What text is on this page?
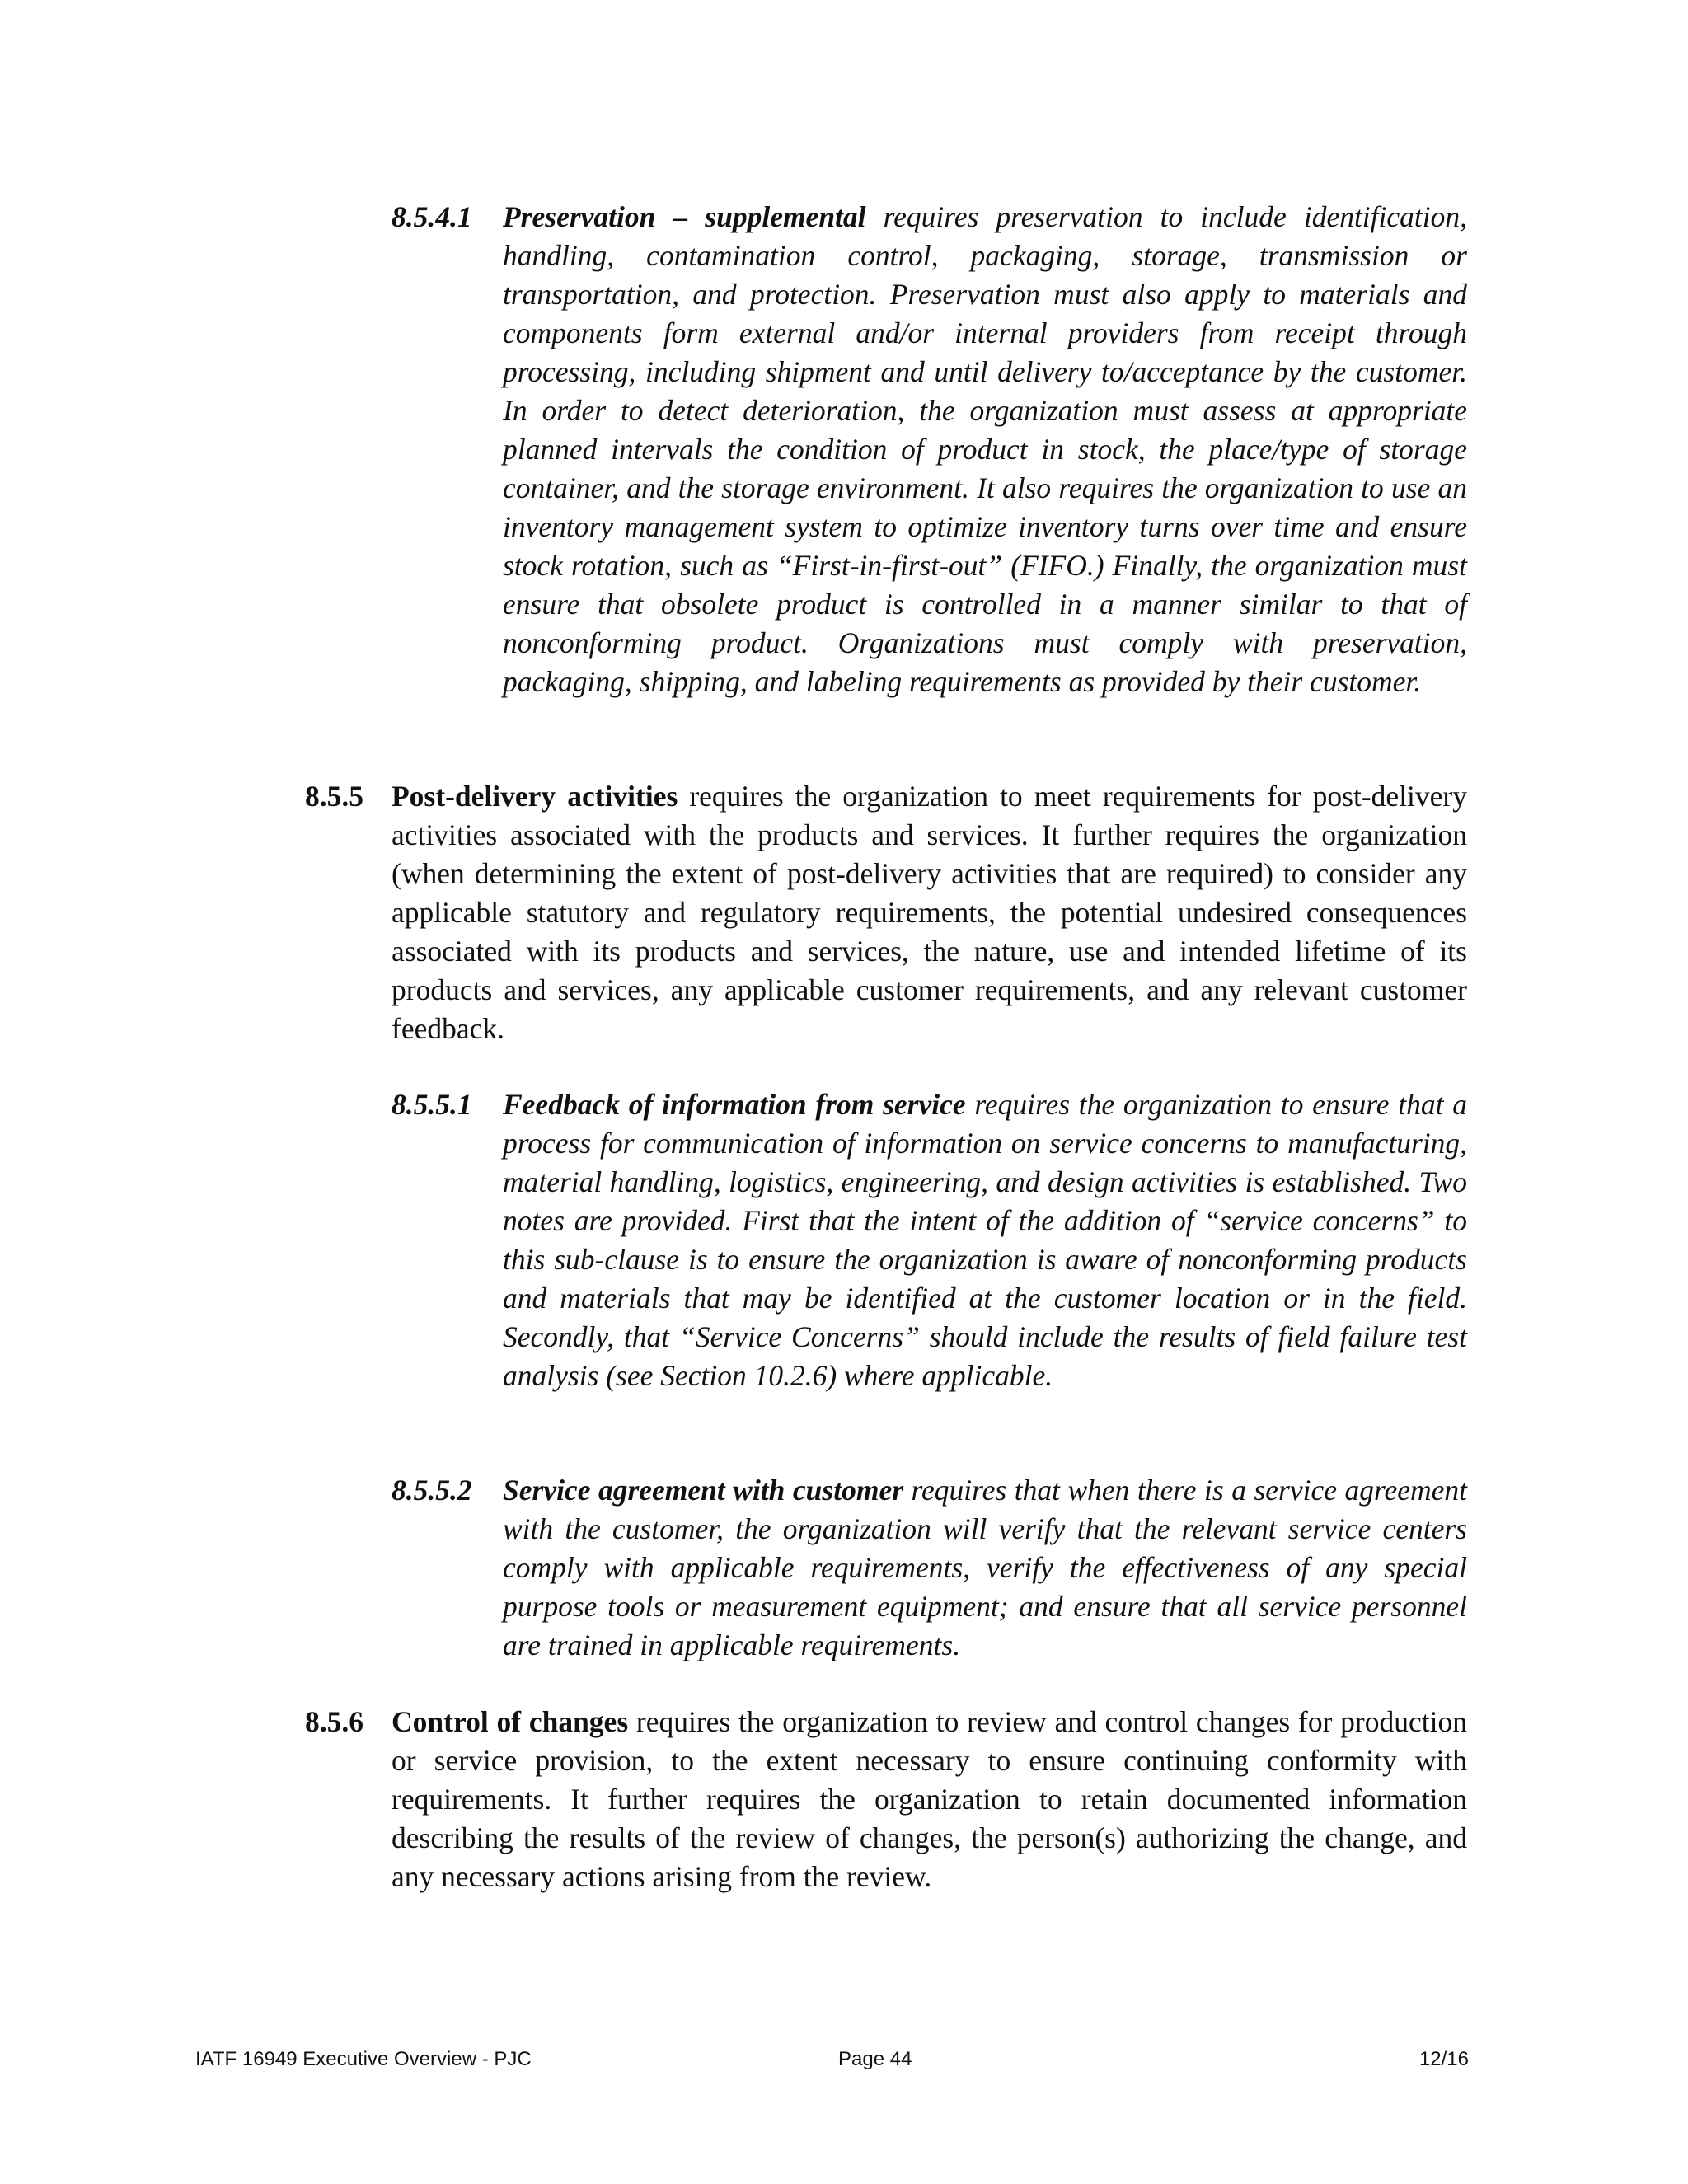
8.5.4.1 Preservation – supplemental requires preservation to include identification, handling, contamination control, packaging, storage, transmission or transportation, and protection. Preservation must also apply to materials and components form external and/or internal providers from receipt through processing, including shipment and until delivery to/acceptance by the customer. In order to detect deterioration, the organization must assess at appropriate planned intervals the condition of product in stock, the place/type of storage container, and the storage environment. It also requires the organization to use an inventory management system to optimize inventory turns over time and ensure stock rotation, such as “First-in-first-out” (FIFO.) Finally, the organization must ensure that obsolete product is controlled in a manner similar to that of nonconforming product. Organizations must comply with preservation, packaging, shipping, and labeling requirements as provided by their customer.

8.5.5 Post-delivery activities requires the organization to meet requirements for post-delivery activities associated with the products and services. It further requires the organization (when determining the extent of post-delivery activities that are required) to consider any applicable statutory and regulatory requirements, the potential undesired consequences associated with its products and services, the nature, use and intended lifetime of its products and services, any applicable customer requirements, and any relevant customer feedback.

8.5.5.1 Feedback of information from service requires the organization to ensure that a process for communication of information on service concerns to manufacturing, material handling, logistics, engineering, and design activities is established. Two notes are provided. First that the intent of the addition of “service concerns” to this sub-clause is to ensure the organization is aware of nonconforming products and materials that may be identified at the customer location or in the field. Secondly, that “Service Concerns” should include the results of field failure test analysis (see Section 10.2.6) where applicable.

8.5.5.2 Service agreement with customer requires that when there is a service agreement with the customer, the organization will verify that the relevant service centers comply with applicable requirements, verify the effectiveness of any special purpose tools or measurement equipment; and ensure that all service personnel are trained in applicable requirements.

8.5.6 Control of changes requires the organization to review and control changes for production or service provision, to the extent necessary to ensure continuing conformity with requirements. It further requires the organization to retain documented information describing the results of the review of changes, the person(s) authorizing the change, and any necessary actions arising from the review.

IATF 16949 Executive Overview - PJC	Page 44	12/16
